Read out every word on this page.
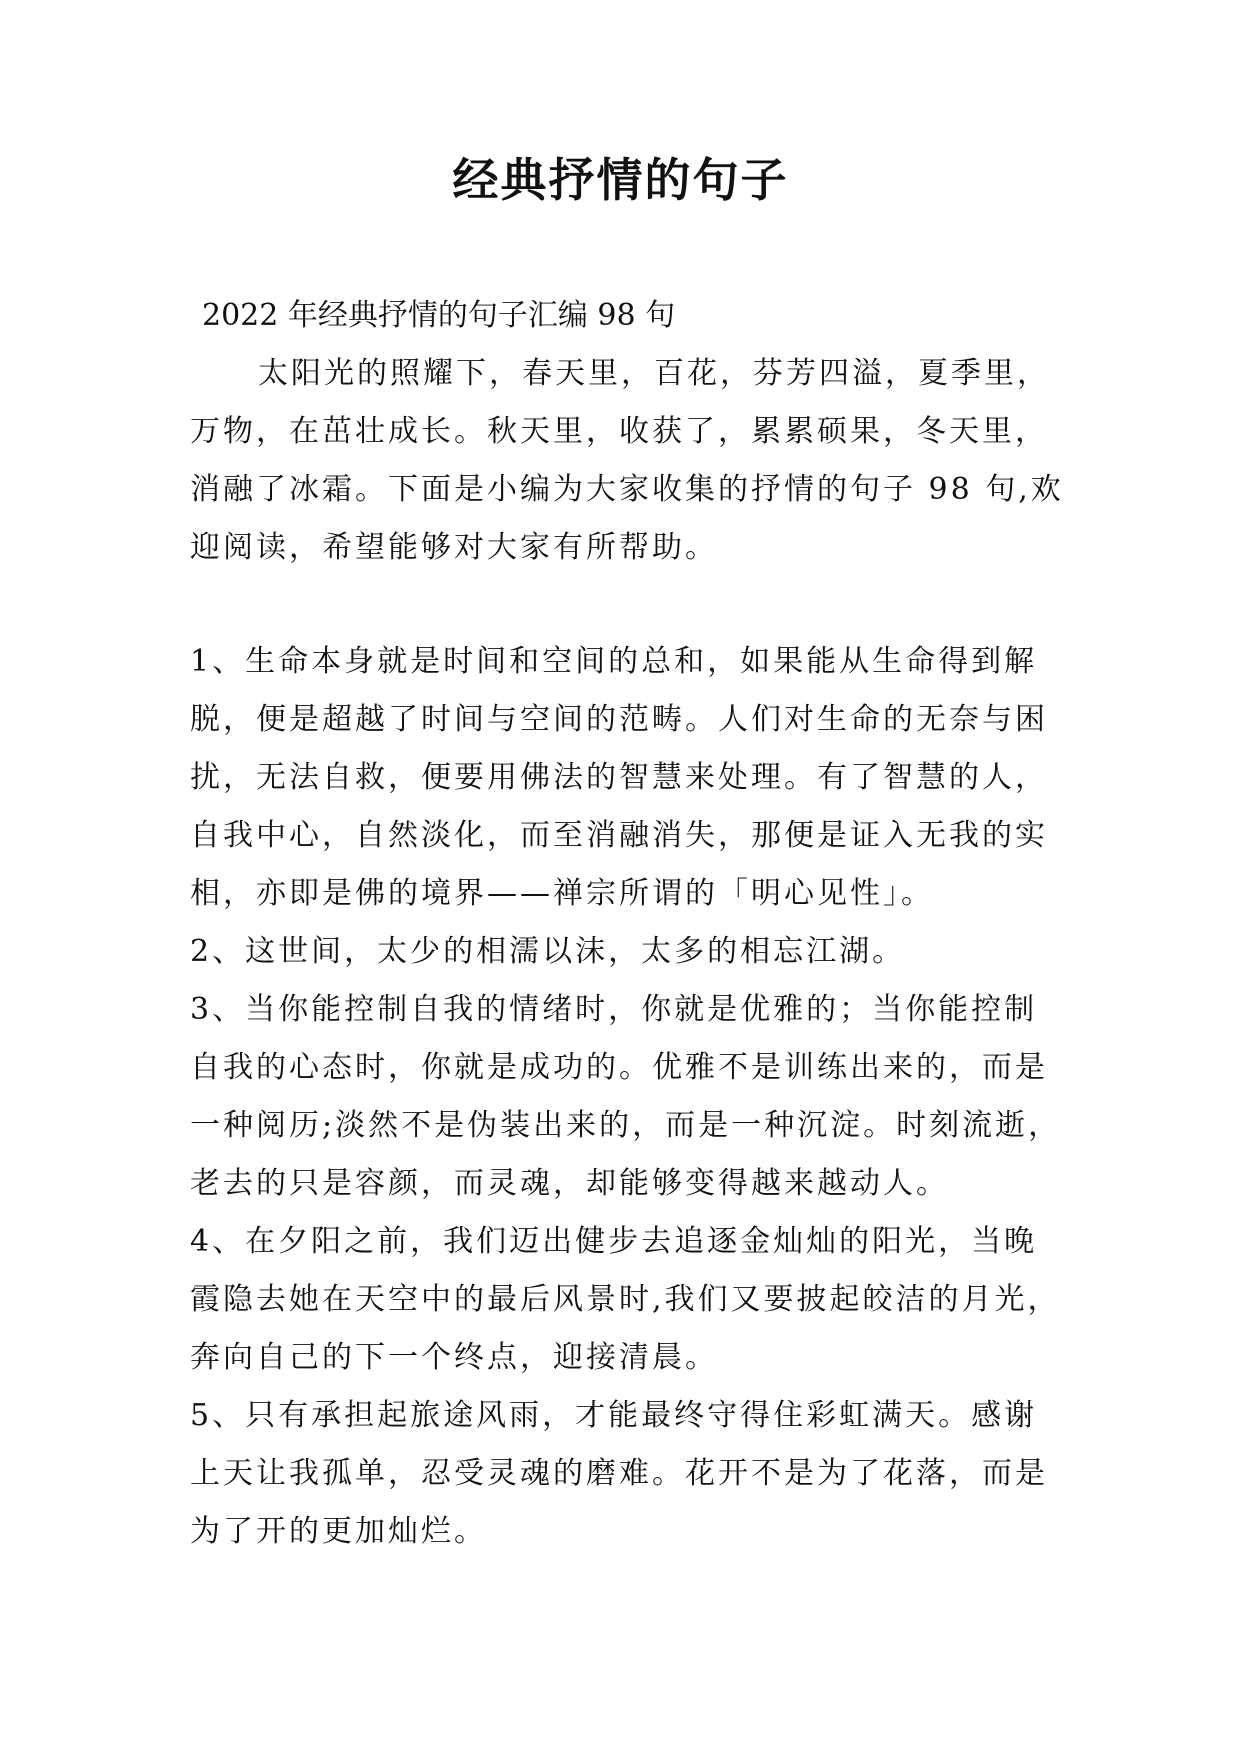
经典抒情的句子
2022 年经典抒情的句子汇编 98 句
太阳光的照耀下，春天里，百花，芬芳四溢，夏季里，万物，在茁壮成长。秋天里，收获了，累累硕果，冬天里，消融了冰霜。下面是小编为大家收集的抒情的句子 98 句,欢迎阅读，希望能够对大家有所帮助。

1、生命本身就是时间和空间的总和，如果能从生命得到解脱，便是超越了时间与空间的范畴。人们对生命的无奈与困扰，无法自救，便要用佛法的智慧来处理。有了智慧的人，自我中心，自然淡化，而至消融消失，那便是证入无我的实相，亦即是佛的境界——禅宗所谓的「明心见性」。

2、这世间，太少的相濡以沫，太多的相忘江湖。

3、当你能控制自我的情绪时，你就是优雅的；当你能控制自我的心态时，你就是成功的。优雅不是训练出来的，而是一种阅历;淡然不是伪装出来的，而是一种沉淀。时刻流逝，老去的只是容颜，而灵魂，却能够变得越来越动人。

4、在夕阳之前，我们迈出健步去追逐金灿灿的阳光，当晚霞隐去她在天空中的最后风景时,我们又要披起皎洁的月光，奔向自己的下一个终点，迎接清晨。

5、只有承担起旅途风雨，才能最终守得住彩虹满天。感谢上天让我孤单，忍受灵魂的磨难。花开不是为了花落，而是为了开的更加灿烂。
